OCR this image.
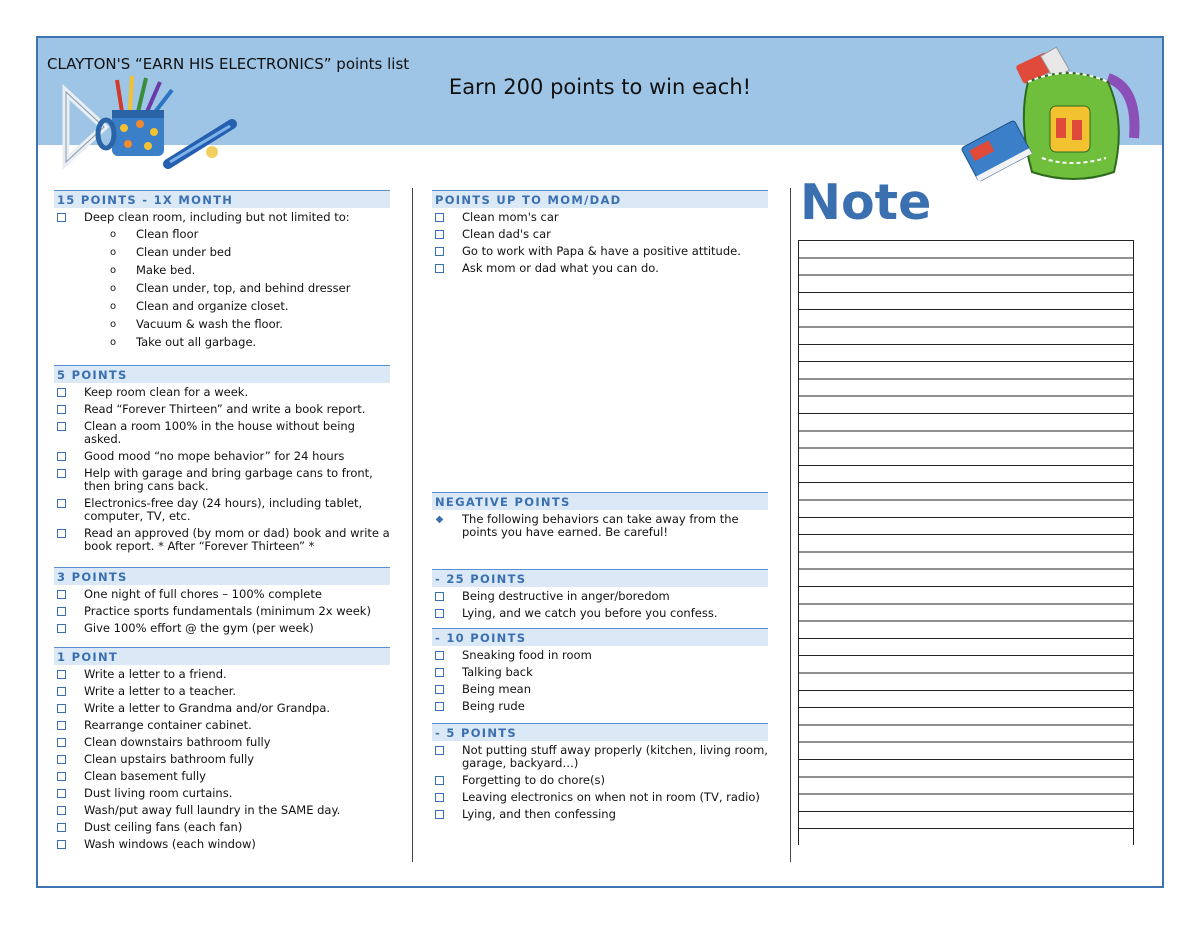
CLAYTON'S “EARN HIS ELECTRONICS” points list
Earn 200 points to win each!
15 POINTS - 1X MONTH
Deep clean room, including but not limited to:
o	Clean floor
o	Clean under bed
o	Make bed.
o	Clean under, top, and behind dresser
o	Clean and organize closet.
o	Vacuum & wash the floor.
o	Take out all garbage.
5 POINTS
Keep room clean for a week.
Read “Forever Thirteen” and write a book report.
Clean a room 100% in the house without being asked.
Good mood “no mope behavior” for 24 hours
Help with garage and bring garbage cans to front, then bring cans back.
Electronics-free day (24 hours), including tablet, computer, TV, etc.
Read an approved (by mom or dad) book and write a book report. * After “Forever Thirteen” *
3 POINTS
One night of full chores – 100% complete
Practice sports fundamentals (minimum 2x week)
Give 100% effort @ the gym (per week)
1 POINT
Write a letter to a friend.
Write a letter to a teacher.
Write a letter to Grandma and/or Grandpa.
Rearrange container cabinet.
Clean downstairs bathroom fully
Clean upstairs bathroom fully
Clean basement fully
Dust living room curtains.
Wash/put away full laundry in the SAME day.
Dust ceiling fans (each fan)
Wash windows (each window)
POINTS UP TO MOM/DAD
Clean mom's car
Clean dad's car
Go to work with Papa & have a positive attitude.
Ask mom or dad what you can do.
NEGATIVE POINTS
◆ The following behaviors can take away from the points you have earned. Be careful!
- 25 POINTS
Being destructive in anger/boredom
Lying, and we catch you before you confess.
- 10 POINTS
Sneaking food in room
Talking back
Being mean
Being rude
- 5 POINTS
Not putting stuff away properly (kitchen, living room, garage, backyard…)
Forgetting to do chore(s)
Leaving electronics on when not in room (TV, radio)
Lying, and then confessing
Note
